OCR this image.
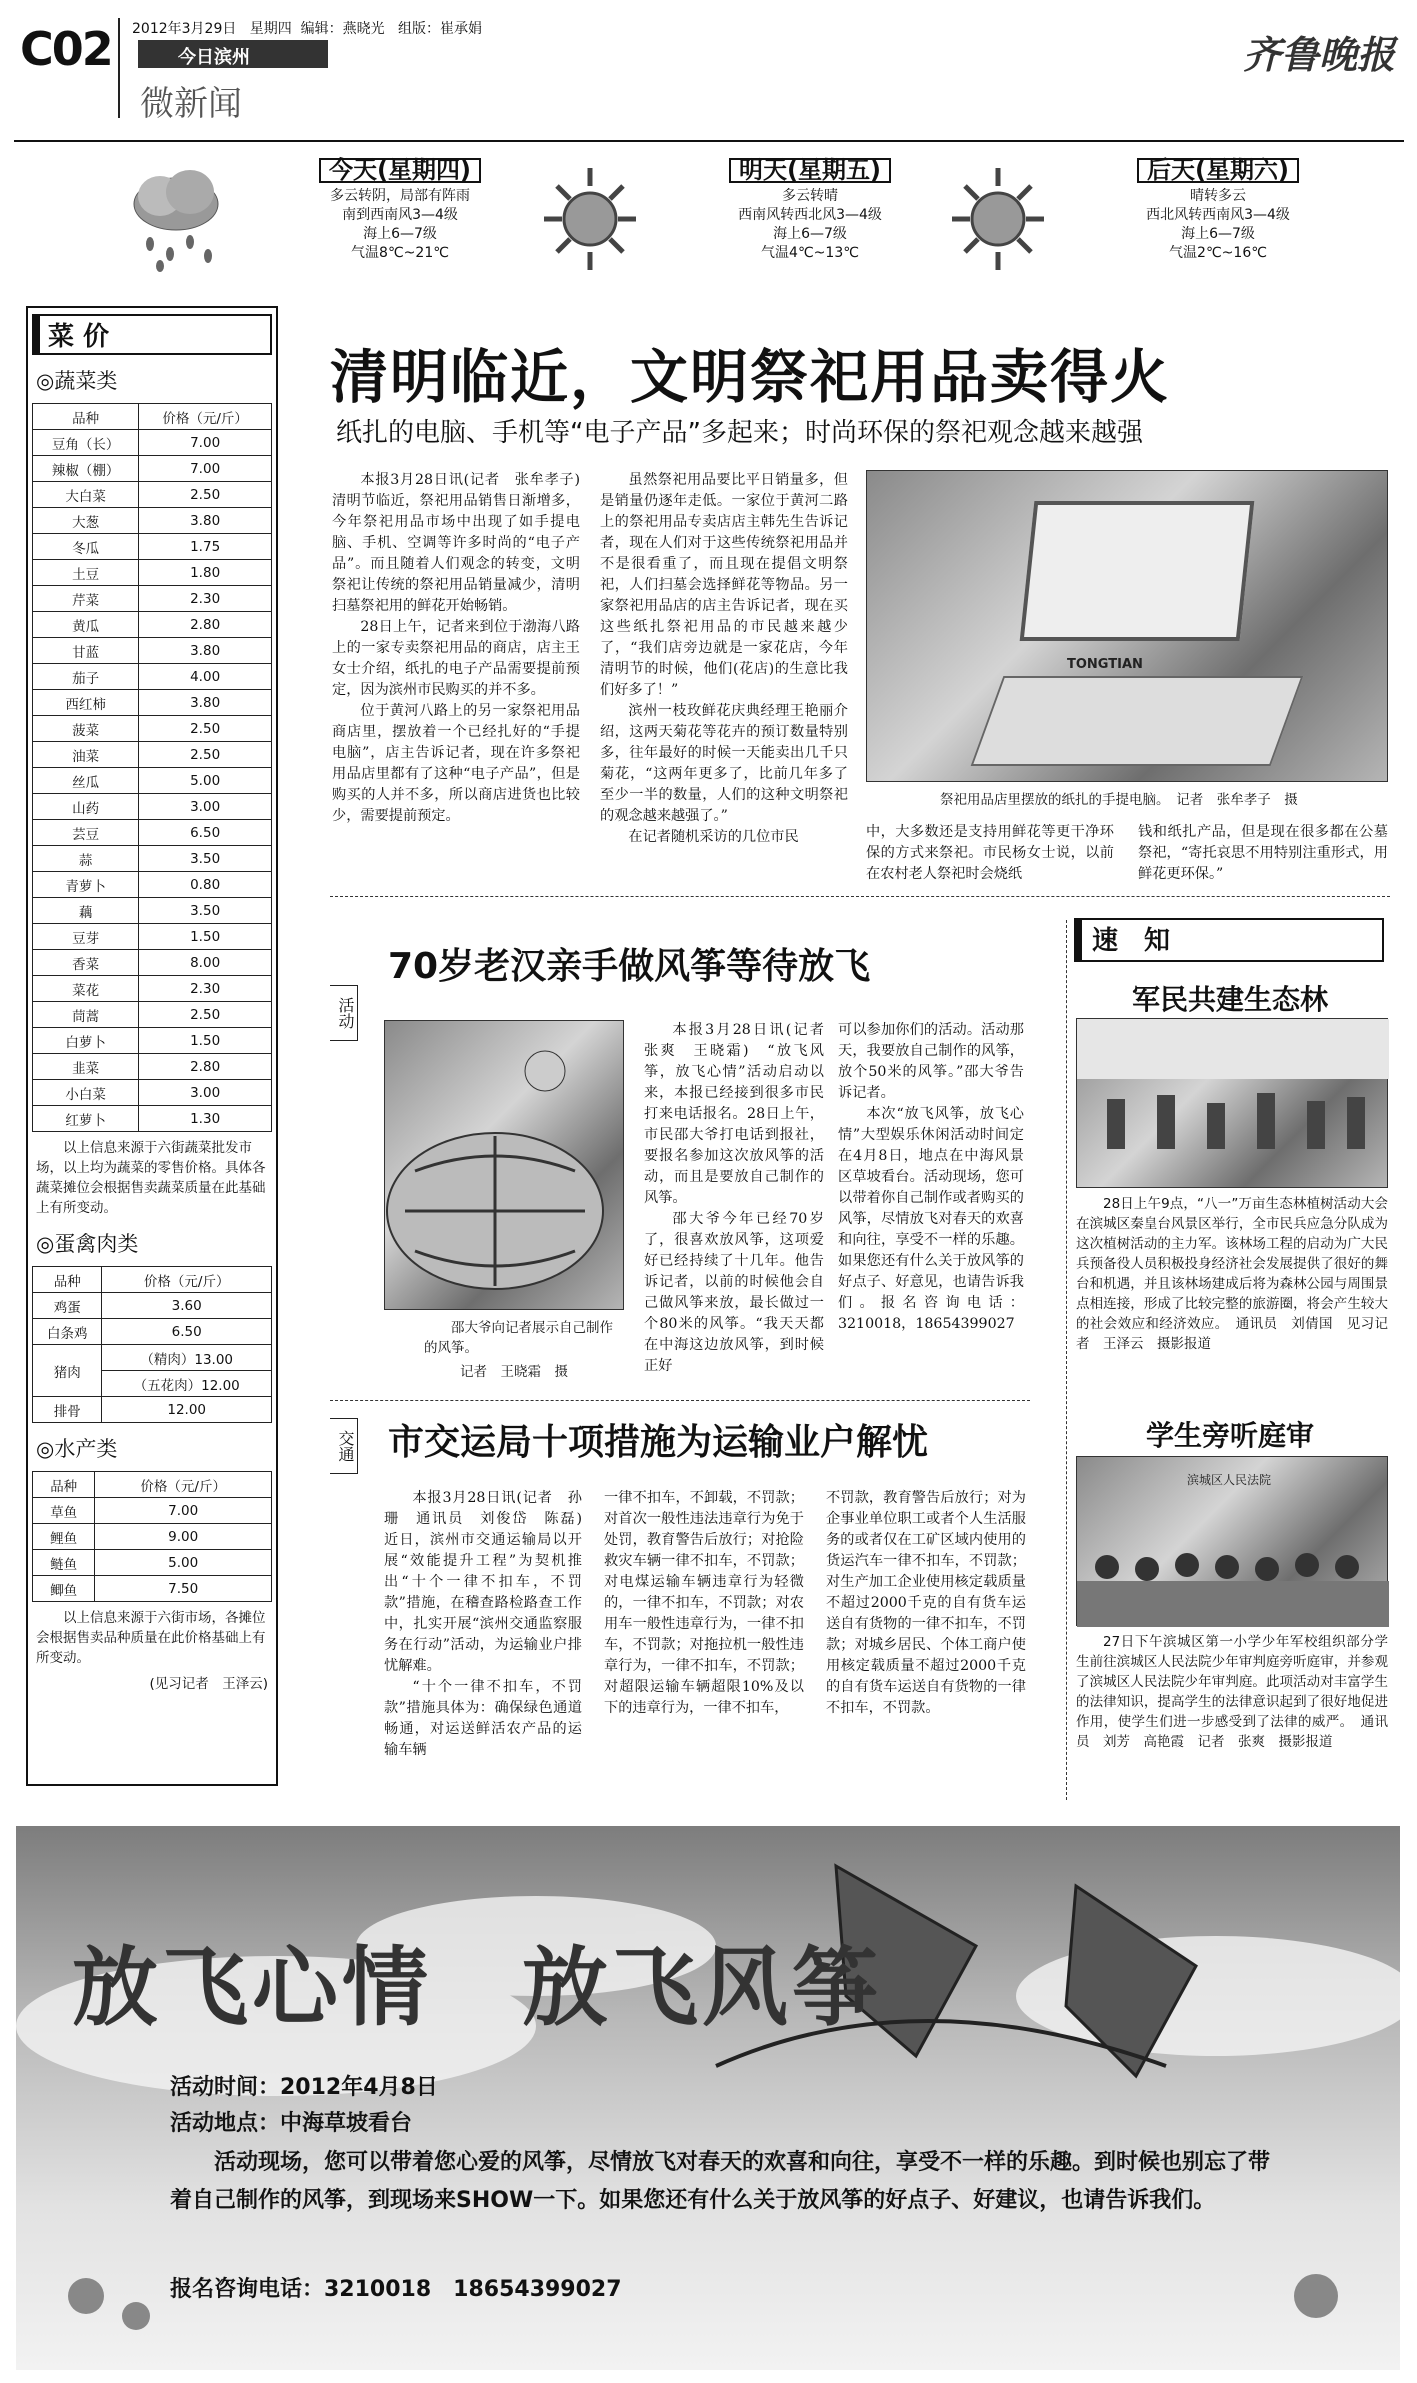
C02 2012年3月29日 星期四 编辑：燕晓光 组版：崔承娟
今日滨州
微新闻
齐鲁晚报
今天(星期四)
多云转阴，局部有阵雨
南到西南风3—4级
海上6—7级
气温8℃~21℃
明天(星期五)
多云转晴
西南风转西北风3—4级
海上6—7级
气温4℃~13℃
后天(星期六)
晴转多云
西北风转西南风3—4级
海上6—7级
气温2℃~16℃
菜 价
◎蔬菜类
品种	价格（元/斤）
豆角（长）	7.00
辣椒（棚）	7.00
大白菜	2.50
大葱	3.80
冬瓜	1.75
土豆	1.80
芹菜	2.30
黄瓜	2.80
甘蓝	3.80
茄子	4.00
西红柿	3.80
菠菜	2.50
油菜	2.50
丝瓜	5.00
山药	3.00
芸豆	6.50
蒜	3.50
青萝卜	0.80
藕	3.50
豆芽	1.50
香菜	8.00
菜花	2.30
茼蒿	2.50
白萝卜	1.50
韭菜	2.80
小白菜	3.00
红萝卜	1.30
以上信息来源于六街蔬菜批发市场，以上均为蔬菜的零售价格。具体各蔬菜摊位会根据售卖蔬菜质量在此基础上有所变动。
◎蛋禽肉类
品种	价格（元/斤）
鸡蛋	3.60
白条鸡	6.50
猪肉	（精肉）13.00
	（五花肉）12.00
排骨	12.00
◎水产类
品种	价格（元/斤）
草鱼	7.00
鲤鱼	9.00
鲢鱼	5.00
鲫鱼	7.50
以上信息来源于六街市场，各摊位会根据售卖品种质量在此价格基础上有所变动。
(见习记者　王泽云)
清明临近，文明祭祀用品卖得火
纸扎的电脑、手机等“电子产品”多起来；时尚环保的祭祀观念越来越强

本报3月28日讯(记者　张牟孝子)　清明节临近，祭祀用品销售日渐增多，今年祭祀用品市场中出现了如手提电脑、手机、空调等许多时尚的“电子产品”。而且随着人们观念的转变，文明祭祀让传统的祭祀用品销量减少，清明扫墓祭祀用的鲜花开始畅销。

28日上午，记者来到位于渤海八路上的一家专卖祭祀用品的商店，店主王女士介绍，纸扎的电子产品需要提前预定，因为滨州市民购买的并不多。

位于黄河八路上的另一家祭祀用品商店里，摆放着一个已经扎好的“手提电脑”，店主告诉记者，现在许多祭祀用品店里都有了这种“电子产品”，但是购买的人并不多，所以商店进货也比较少，需要提前预定。

虽然祭祀用品要比平日销量多，但是销量仍逐年走低。一家位于黄河二路上的祭祀用品专卖店店主韩先生告诉记者，现在人们对于这些传统祭祀用品并不是很看重了，而且现在提倡文明祭祀，人们扫墓会选择鲜花等物品。另一家祭祀用品店的店主告诉记者，现在买这些纸扎祭祀用品的市民越来越少了，“我们店旁边就是一家花店，今年清明节的时候，他们(花店)的生意比我们好多了！”

滨州一枝玫鲜花庆典经理王艳丽介绍，这两天菊花等花卉的预订数量特别多，往年最好的时候一天能卖出几千只菊花，“这两年更多了，比前几年多了至少一半的数量，人们的这种文明祭祀的观念越来越强了。”

在记者随机采访的几位市民

TONGTIAN
祭祀用品店里摆放的纸扎的手提电脑。　记者　张牟孝子　摄

中，大多数还是支持用鲜花等更干净环保的方式来祭祀。市民杨女士说，以前在农村老人祭祀时会烧纸

钱和纸扎产品，但是现在很多都在公墓祭祀，“寄托哀思不用特别注重形式，用鲜花更环保。”

活动
70岁老汉亲手做风筝等待放飞
邵大爷向记者展示自己制作的风筝。
记者　王晓霜　摄

本报3月28日讯(记者　张爽　王晓霜)　“放飞风筝，放飞心情”活动启动以来，本报已经接到很多市民打来电话报名。28日上午，市民邵大爷打电话到报社，要报名参加这次放风筝的活动，而且是要放自己制作的风筝。

邵大爷今年已经70岁了，很喜欢放风筝，这项爱好已经持续了十几年。他告诉记者，以前的时候他会自己做风筝来放，最长做过一个80米的风筝。“我天天都在中海这边放风筝，到时候正好

可以参加你们的活动。活动那天，我要放自己制作的风筝，放个50米的风筝。”邵大爷告诉记者。

本次“放飞风筝，放飞心情”大型娱乐休闲活动时间定在4月8日，地点在中海风景区草坡看台。活动现场，您可以带着你自己制作或者购买的风筝，尽情放飞对春天的欢喜和向往，享受不一样的乐趣。如果您还有什么关于放风筝的好点子、好意见，也请告诉我们。报名咨询电话：3210018，18654399027

交通 市交运局十项措施为运输业户解忧

本报3月28日讯(记者　孙珊　通讯员　刘俊岱　陈磊)　近日，滨州市交通运输局以开展“效能提升工程”为契机推出“十个一律不扣车，不罚款”措施，在稽查路检路查工作中，扎实开展“滨州交通监察服务在行动”活动，为运输业户排忧解难。

“十个一律不扣车，不罚款”措施具体为：确保绿色通道畅通，对运送鲜活农产品的运输车辆

一律不扣车，不卸载，不罚款；对首次一般性违法违章行为免于处罚，教育警告后放行；对抢险救灾车辆一律不扣车，不罚款；对电煤运输车辆违章行为轻微的，一律不扣车，不罚款；对农用车一般性违章行为，一律不扣车，不罚款；对拖拉机一般性违章行为，一律不扣车，不罚款；对超限运输车辆超限10%及以下的违章行为，一律不扣车，

不罚款，教育警告后放行；对为企事业单位职工或者个人生活服务的或者仅在工矿区域内使用的货运汽车一律不扣车，不罚款；对生产加工企业使用核定载质量不超过2000千克的自有货车运送自有货物的一律不扣车，不罚款；对城乡居民、个体工商户使用核定载质量不超过2000千克的自有货车运送自有货物的一律不扣车，不罚款。

速　知
军民共建生态林
28日上午9点，“八一”万亩生态林植树活动大会在滨城区秦皇台风景区举行，全市民兵应急分队成为这次植树活动的主力军。该林场工程的启动为广大民兵预备役人员积极投身经济社会发展提供了很好的舞台和机遇，并且该林场建成后将为森林公园与周围景点相连接，形成了比较完整的旅游圈，将会产生较大的社会效应和经济效应。　通讯员　刘倩国　见习记者　王泽云　摄影报道
学生旁听庭审
滨城区人民法院
27日下午滨城区第一小学少年军校组织部分学生前往滨城区人民法院少年审判庭旁听庭审，并参观了滨城区人民法院少年审判庭。此项活动对丰富学生的法律知识，提高学生的法律意识起到了很好地促进作用，使学生们进一步感受到了法律的威严。　通讯员　刘芳　高艳霞　记者　张爽　摄影报道
放飞心情　放飞风筝
活动时间：2012年4月8日
活动地点：中海草坡看台
活动现场，您可以带着您心爱的风筝，尽情放飞对春天的欢喜和向往，享受不一样的乐趣。到时候也别忘了带着自己制作的风筝，到现场来SHOW一下。如果您还有什么关于放风筝的好点子、好建议，也请告诉我们。
报名咨询电话：3210018　18654399027
